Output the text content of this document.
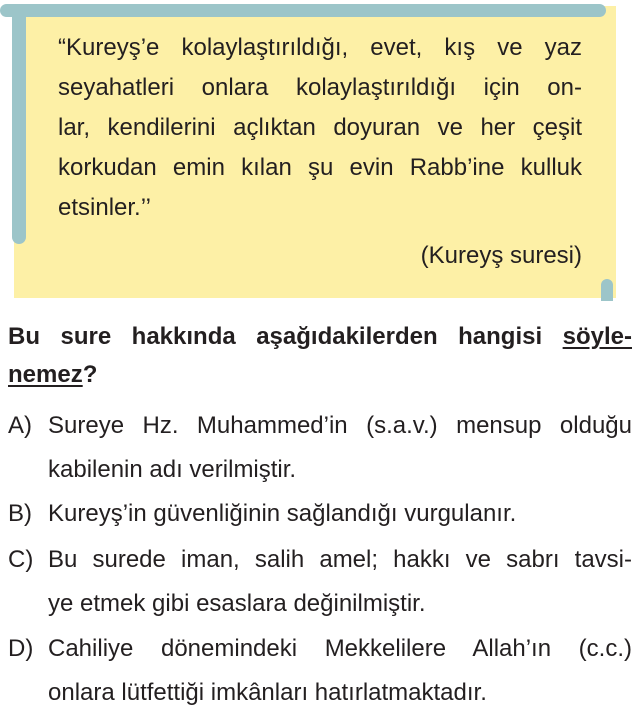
“Kureyş’e kolaylaştırıldığı, evet, kış ve yaz
seyahatleri onlara kolaylaştırıldığı için on-
lar, kendilerini açlıktan doyuran ve her çeşit
korkudan emin kılan şu evin Rabb’ine kulluk
etsinler.’’
(Kureyş suresi)
Bu sure hakkında aşağıdakilerden hangisi söyle-
nemez?
A) Sureye Hz. Muhammed’in (s.a.v.) mensup olduğu
kabilenin adı verilmiştir.
B) Kureyş’in güvenliğinin sağlandığı vurgulanır.
C) Bu surede iman, salih amel; hakkı ve sabrı tavsi-
ye etmek gibi esaslara değinilmiştir.
D) Cahiliye dönemindeki Mekkelilere Allah’ın (c.c.)
onlara lütfettiği imkânları hatırlatmaktadır.
